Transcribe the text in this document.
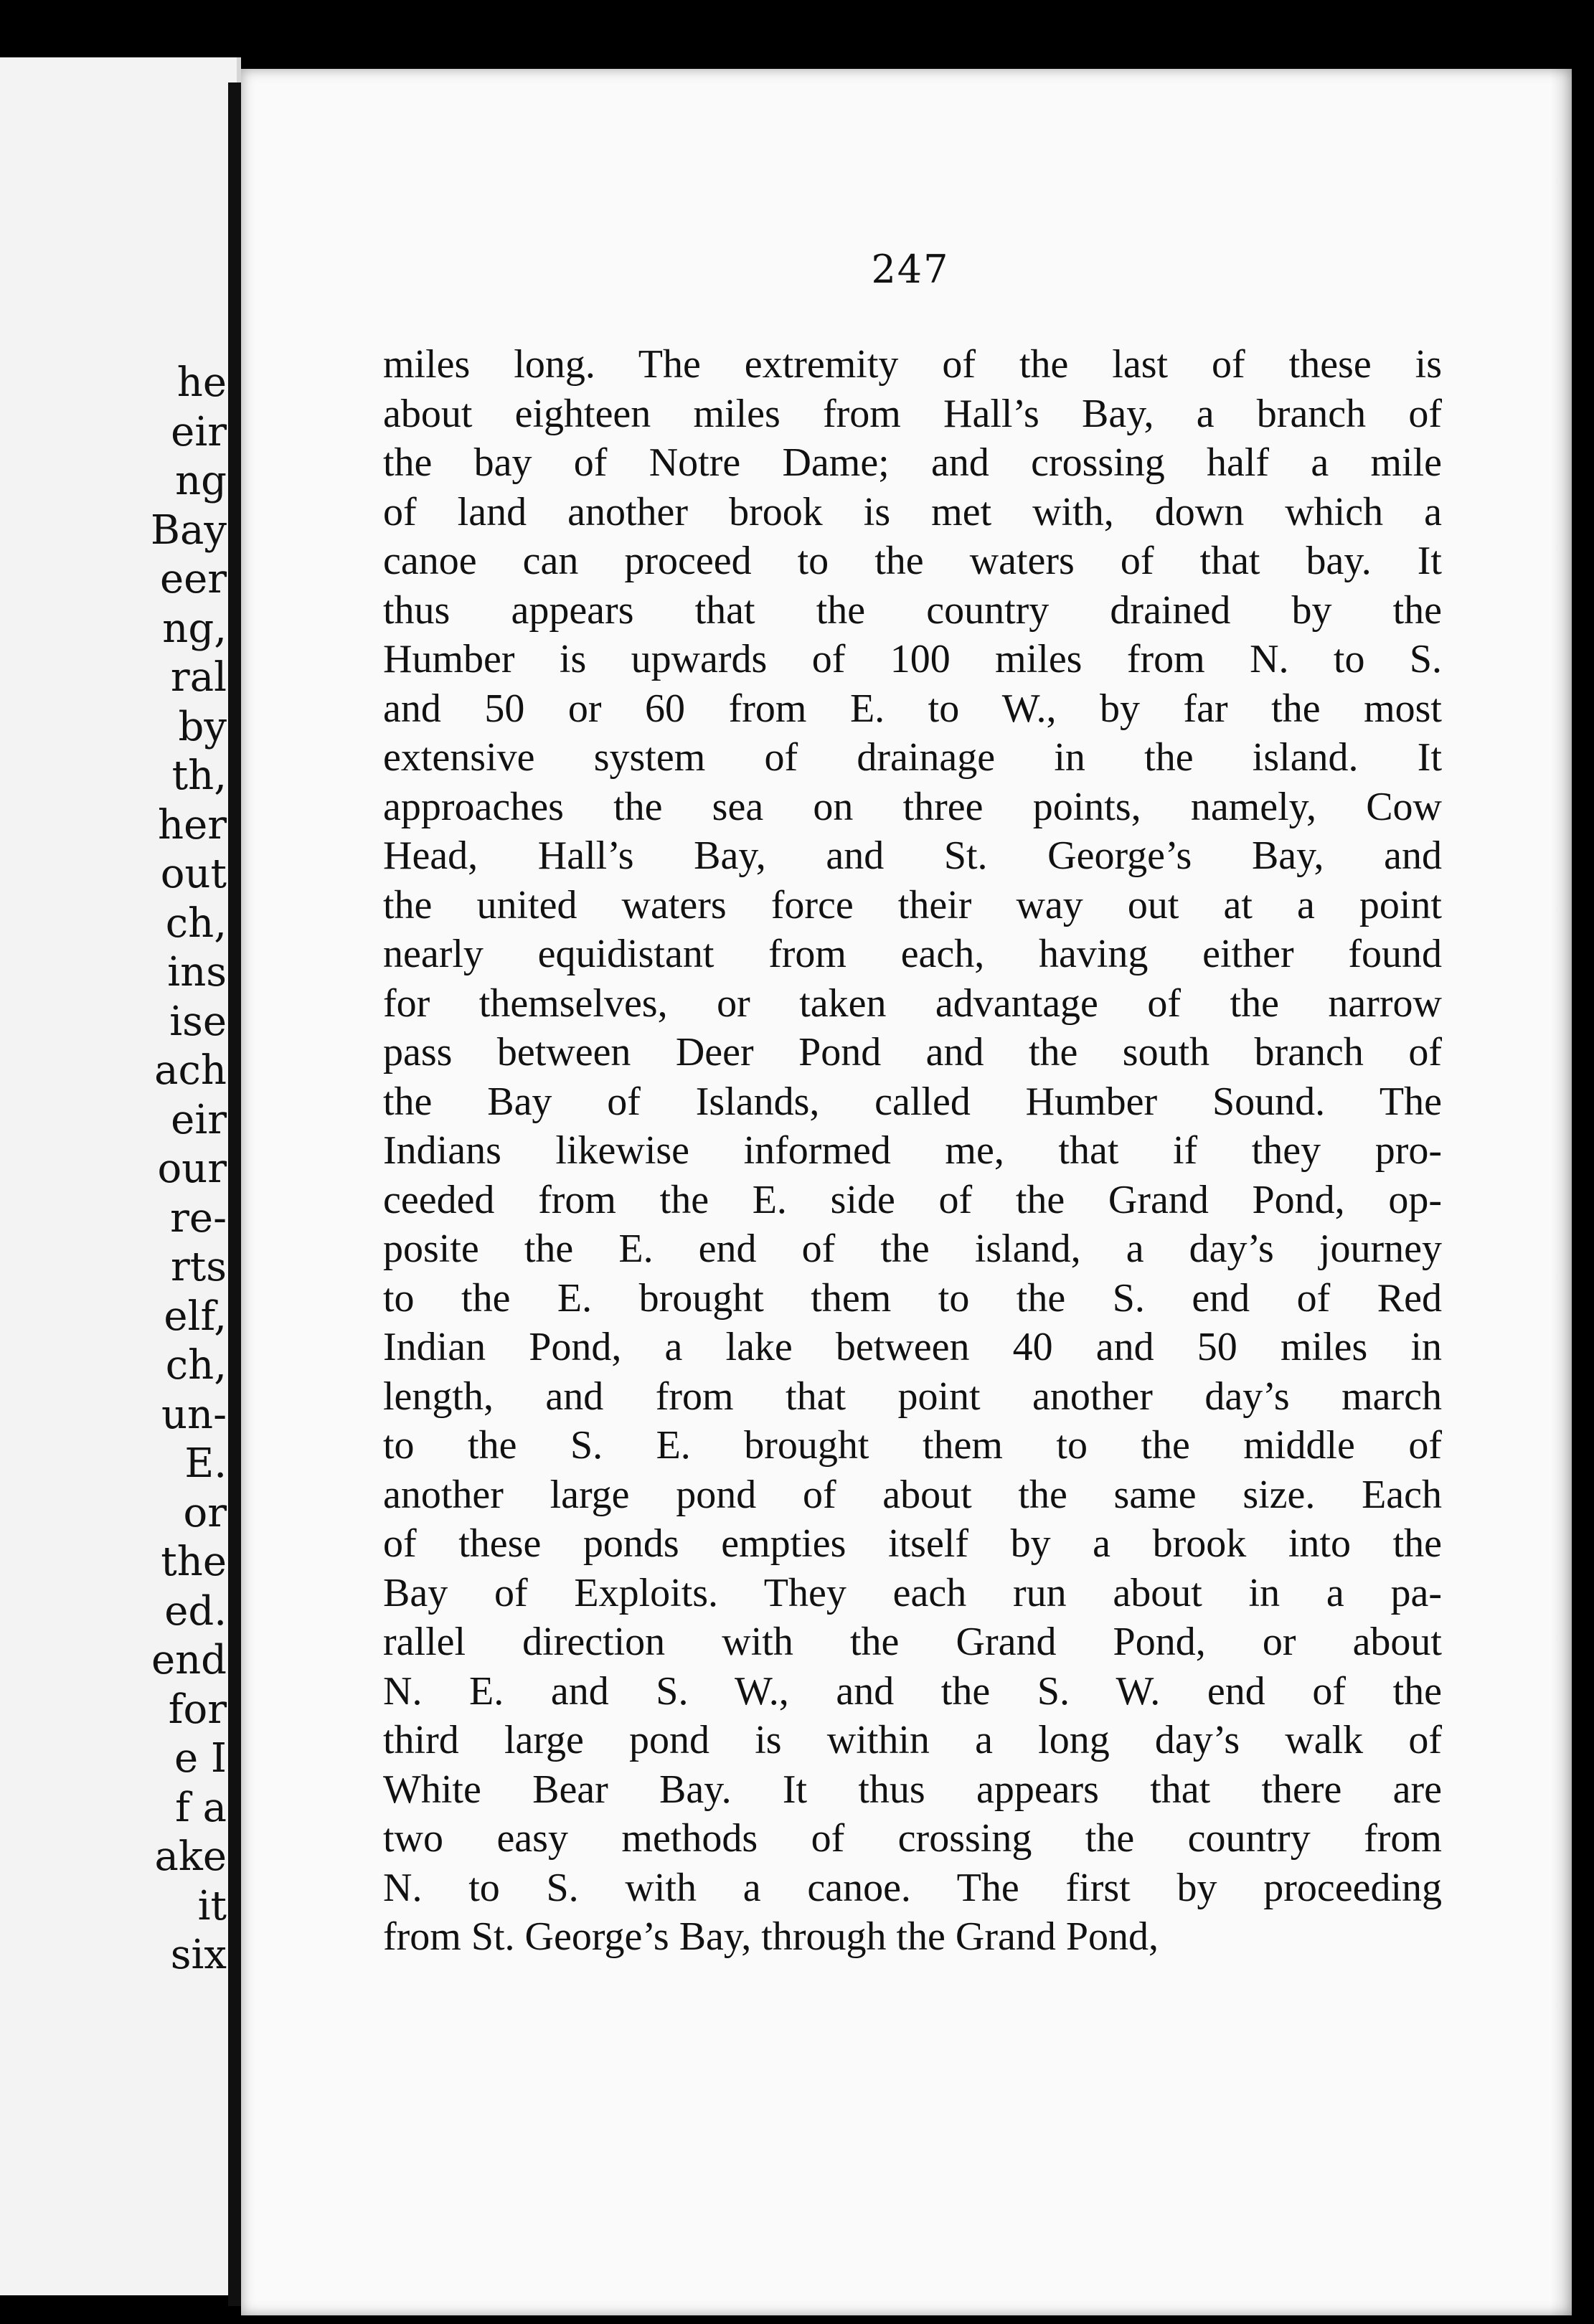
he
eir
ng
Bay
eer
ng,
ral
by
th,
her
out
ch,
ins
ise
ach
eir
our
re-
rts
elf,
ch,
un-
E.
or
the
ed.
end
for
e I
f a
ake
it
six
247
miles long. The extremity of the last of these is
about eighteen miles from Hall’s Bay, a branch of
the bay of Notre Dame; and crossing half a mile
of land another brook is met with, down which a
canoe can proceed to the waters of that bay. It
thus appears that the country drained by the
Humber is upwards of 100 miles from N. to S.
and 50 or 60 from E. to W., by far the most
extensive system of drainage in the island. It
approaches the sea on three points, namely, Cow
Head, Hall’s Bay, and St. George’s Bay, and
the united waters force their way out at a point
nearly equidistant from each, having either found
for themselves, or taken advantage of the narrow
pass between Deer Pond and the south branch of
the Bay of Islands, called Humber Sound. The
Indians likewise informed me, that if they pro-
ceeded from the E. side of the Grand Pond, op-
posite the E. end of the island, a day’s journey
to the E. brought them to the S. end of Red
Indian Pond, a lake between 40 and 50 miles in
length, and from that point another day’s march
to the S. E. brought them to the middle of
another large pond of about the same size. Each
of these ponds empties itself by a brook into the
Bay of Exploits. They each run about in a pa-
rallel direction with the Grand Pond, or about
N. E. and S. W., and the S. W. end of the
third large pond is within a long day’s walk of
White Bear Bay. It thus appears that there are
two easy methods of crossing the country from
N. to S. with a canoe. The first by proceeding
from St. George’s Bay, through the Grand Pond,
